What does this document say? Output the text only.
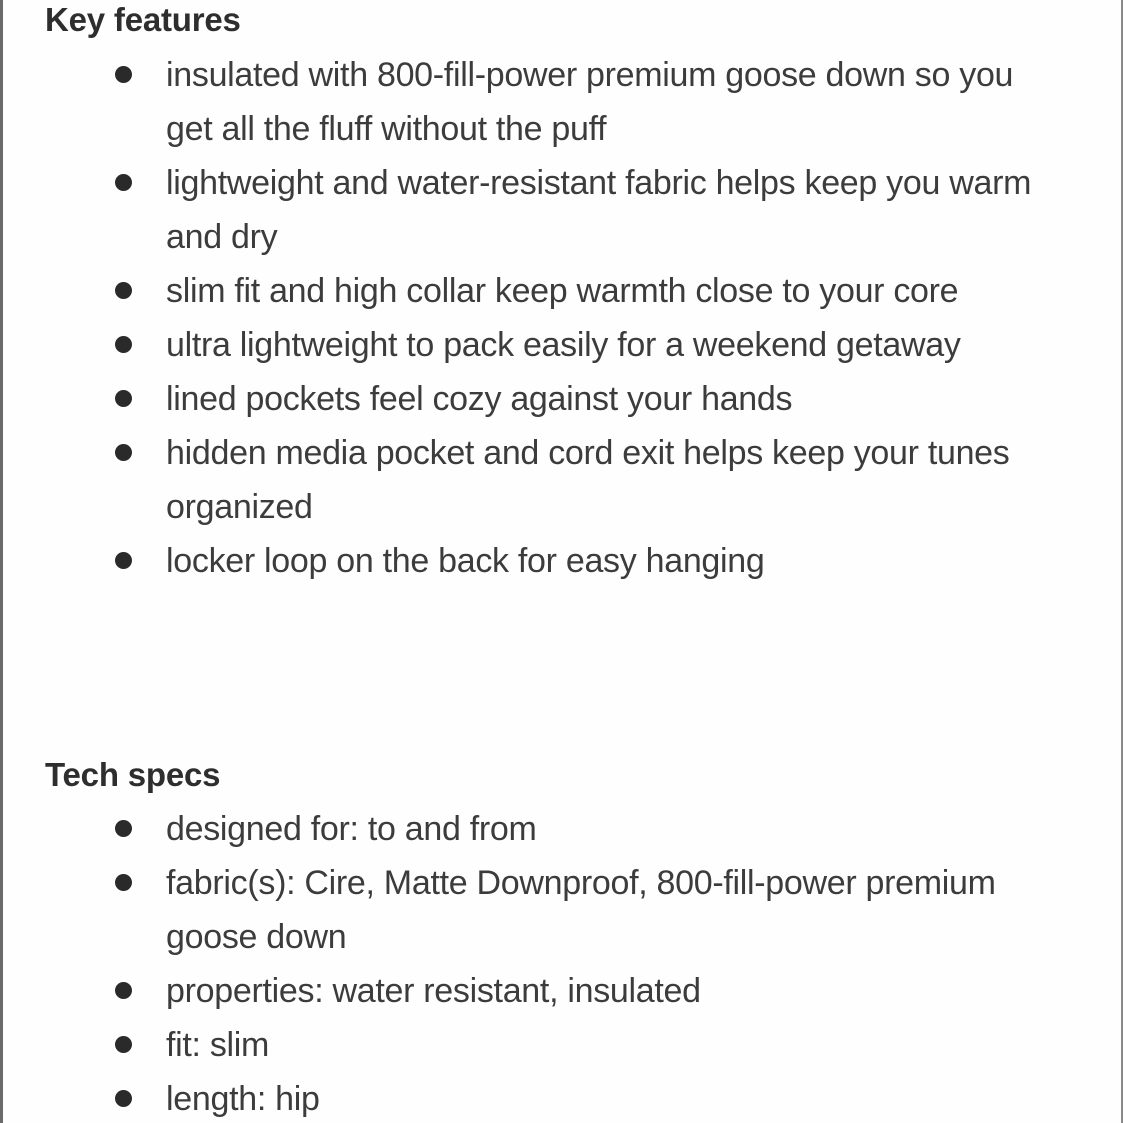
Key features
insulated with 800-fill-power premium goose down so you get all the fluff without the puff
lightweight and water-resistant fabric helps keep you warm and dry
slim fit and high collar keep warmth close to your core
ultra lightweight to pack easily for a weekend getaway
lined pockets feel cozy against your hands
hidden media pocket and cord exit helps keep your tunes organized
locker loop on the back for easy hanging
Tech specs
designed for: to and from
fabric(s): Cire, Matte Downproof, 800-fill-power premium goose down
properties: water resistant, insulated
fit: slim
length: hip
